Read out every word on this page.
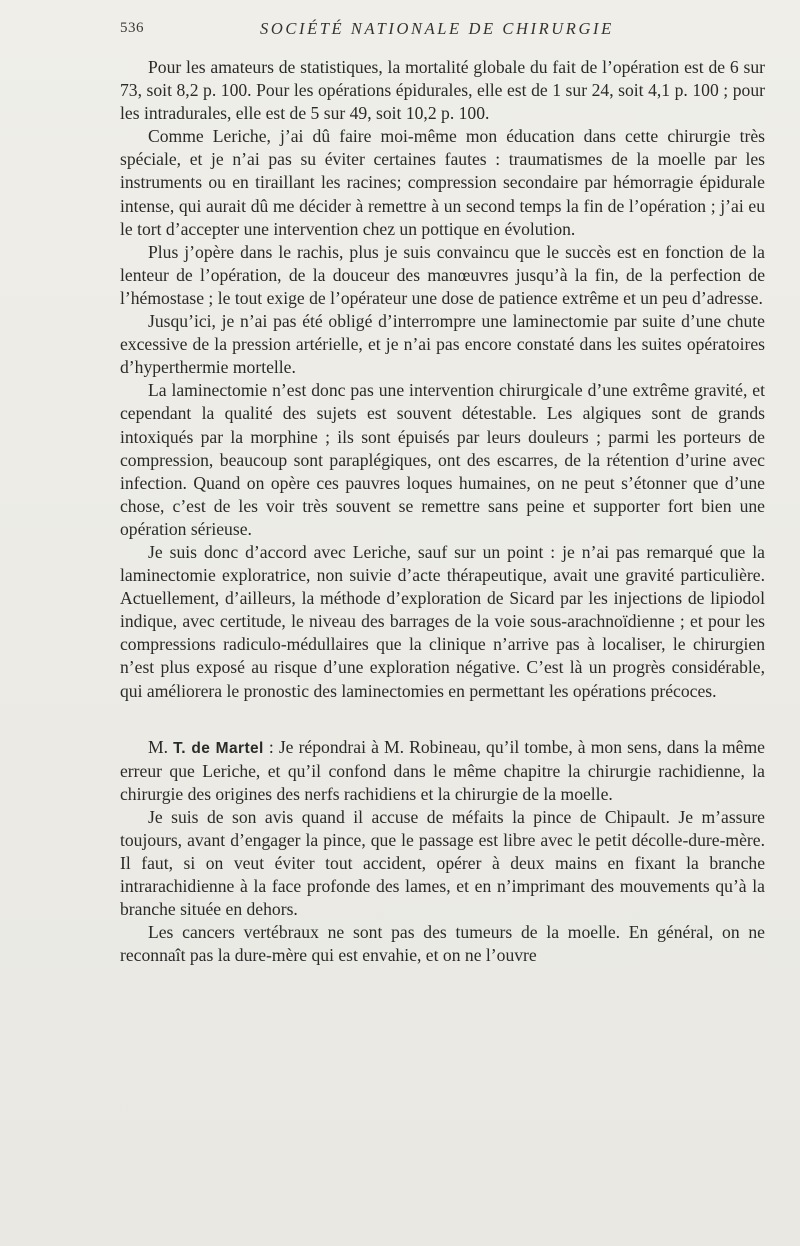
536	SOCIÉTÉ NATIONALE DE CHIRURGIE

Pour les amateurs de statistiques, la mortalité globale du fait de l’opération est de 6 sur 73, soit 8,2 p. 100. Pour les opérations épidurales, elle est de 1 sur 24, soit 4,1 p. 100 ; pour les intradurales, elle est de 5 sur 49, soit 10,2 p. 100.

Comme Leriche, j’ai dû faire moi-même mon éducation dans cette chirurgie très spéciale, et je n’ai pas su éviter certaines fautes : traumatismes de la moelle par les instruments ou en tiraillant les racines; compression secondaire par hémorragie épidurale intense, qui aurait dû me décider à remettre à un second temps la fin de l’opération ; j’ai eu le tort d’accepter une intervention chez un pottique en évolution.

Plus j’opère dans le rachis, plus je suis convaincu que le succès est en fonction de la lenteur de l’opération, de la douceur des manœuvres jusqu’à la fin, de la perfection de l’hémostase ; le tout exige de l’opérateur une dose de patience extrême et un peu d’adresse.

Jusqu’ici, je n’ai pas été obligé d’interrompre une laminectomie par suite d’une chute excessive de la pression artérielle, et je n’ai pas encore constaté dans les suites opératoires d’hyperthermie mortelle.

La laminectomie n’est donc pas une intervention chirurgicale d’une extrême gravité, et cependant la qualité des sujets est souvent détestable. Les algiques sont de grands intoxiqués par la morphine ; ils sont épuisés par leurs douleurs ; parmi les porteurs de compression, beaucoup sont paraplégiques, ont des escarres, de la rétention d’urine avec infection. Quand on opère ces pauvres loques humaines, on ne peut s’étonner que d’une chose, c’est de les voir très souvent se remettre sans peine et supporter fort bien une opération sérieuse.

Je suis donc d’accord avec Leriche, sauf sur un point : je n’ai pas remarqué que la laminectomie exploratrice, non suivie d’acte thérapeutique, avait une gravité particulière. Actuellement, d’ailleurs, la méthode d’exploration de Sicard par les injections de lipiodol indique, avec certitude, le niveau des barrages de la voie sous-arachnoïdienne ; et pour les compressions radiculo-médullaires que la clinique n’arrive pas à localiser, le chirurgien n’est plus exposé au risque d’une exploration négative. C’est là un progrès considérable, qui améliorera le pronostic des laminectomies en permettant les opérations précoces.

M. T. de Martel : Je répondrai à M. Robineau, qu’il tombe, à mon sens, dans la même erreur que Leriche, et qu’il confond dans le même chapitre la chirurgie rachidienne, la chirurgie des origines des nerfs rachidiens et la chirurgie de la moelle.

Je suis de son avis quand il accuse de méfaits la pince de Chipault. Je m’assure toujours, avant d’engager la pince, que le passage est libre avec le petit décolle-dure-mère. Il faut, si on veut éviter tout accident, opérer à deux mains en fixant la branche intrarachidienne à la face profonde des lames, et en n’imprimant des mouvements qu’à la branche située en dehors.

Les cancers vertébraux ne sont pas des tumeurs de la moelle. En général, on ne reconnaît pas la dure-mère qui est envahie, et on ne l’ouvre
